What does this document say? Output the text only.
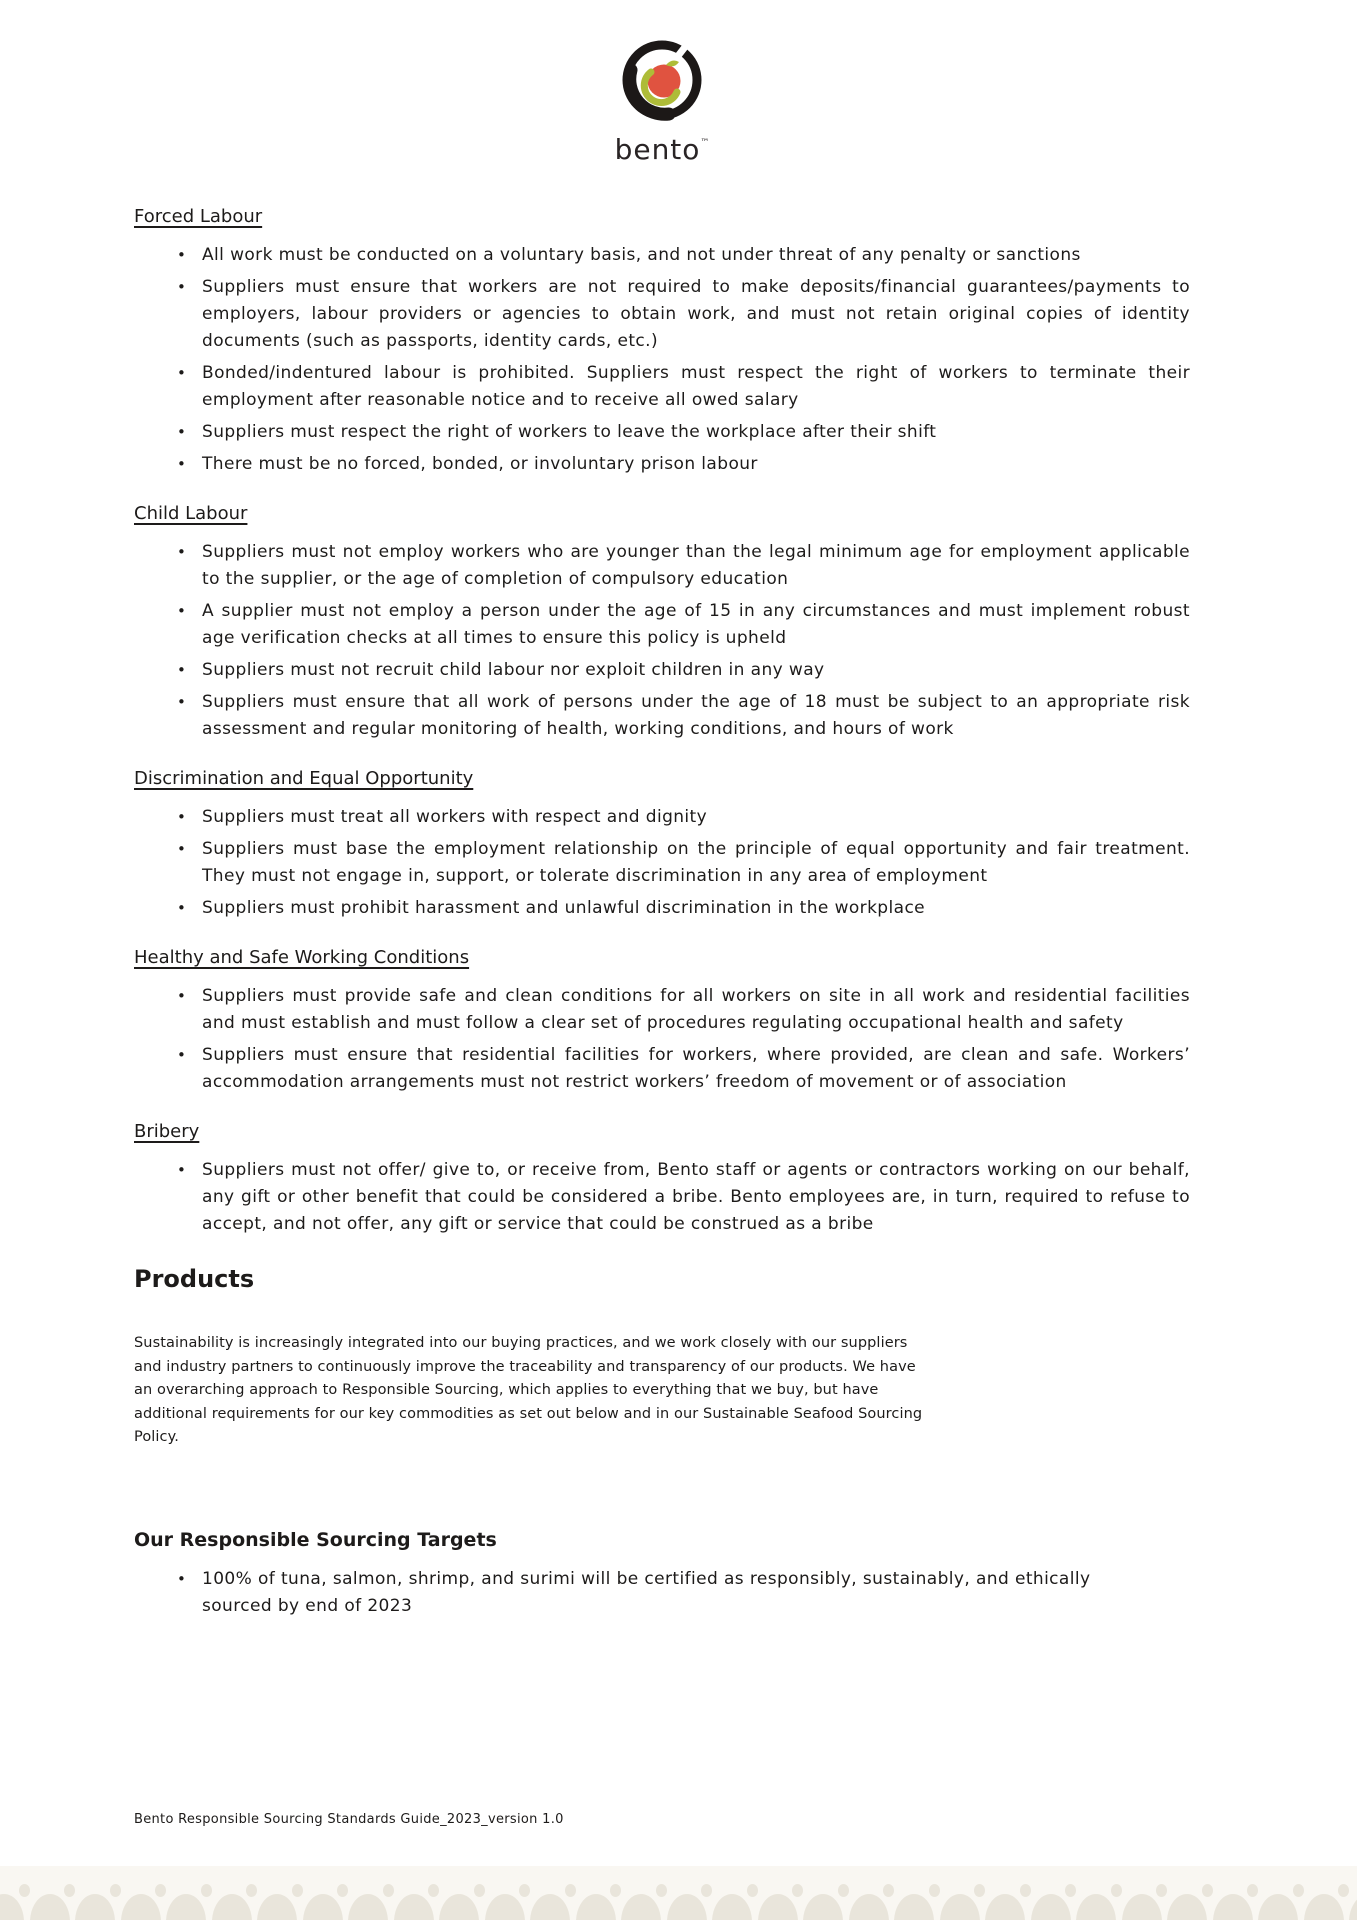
bento™
Forced Labour
• All work must be conducted on a voluntary basis, and not under threat of any penalty or sanctions
• Suppliers must ensure that workers are not required to make deposits/financial guarantees/payments to employers, labour providers or agencies to obtain work, and must not retain original copies of identity documents (such as passports, identity cards, etc.)
• Bonded/indentured labour is prohibited. Suppliers must respect the right of workers to terminate their employment after reasonable notice and to receive all owed salary
• Suppliers must respect the right of workers to leave the workplace after their shift
• There must be no forced, bonded, or involuntary prison labour
Child Labour
• Suppliers must not employ workers who are younger than the legal minimum age for employment applicable to the supplier, or the age of completion of compulsory education
• A supplier must not employ a person under the age of 15 in any circumstances and must implement robust age verification checks at all times to ensure this policy is upheld
• Suppliers must not recruit child labour nor exploit children in any way
• Suppliers must ensure that all work of persons under the age of 18 must be subject to an appropriate risk assessment and regular monitoring of health, working conditions, and hours of work
Discrimination and Equal Opportunity
• Suppliers must treat all workers with respect and dignity
• Suppliers must base the employment relationship on the principle of equal opportunity and fair treatment. They must not engage in, support, or tolerate discrimination in any area of employment
• Suppliers must prohibit harassment and unlawful discrimination in the workplace
Healthy and Safe Working Conditions
• Suppliers must provide safe and clean conditions for all workers on site in all work and residential facilities and must establish and must follow a clear set of procedures regulating occupational health and safety
• Suppliers must ensure that residential facilities for workers, where provided, are clean and safe. Workers’ accommodation arrangements must not restrict workers’ freedom of movement or of association
Bribery
• Suppliers must not offer/ give to, or receive from, Bento staff or agents or contractors working on our behalf, any gift or other benefit that could be considered a bribe. Bento employees are, in turn, required to refuse to accept, and not offer, any gift or service that could be construed as a bribe
Products

Sustainability is increasingly integrated into our buying practices, and we work closely with our suppliers and industry partners to continuously improve the traceability and transparency of our products. We have an overarching approach to Responsible Sourcing, which applies to everything that we buy, but have additional requirements for our key commodities as set out below and in our Sustainable Seafood Sourcing Policy.

Our Responsible Sourcing Targets
• 100% of tuna, salmon, shrimp, and surimi will be certified as responsibly, sustainably, and ethically sourced by end of 2023
Bento Responsible Sourcing Standards Guide_2023_version 1.0
